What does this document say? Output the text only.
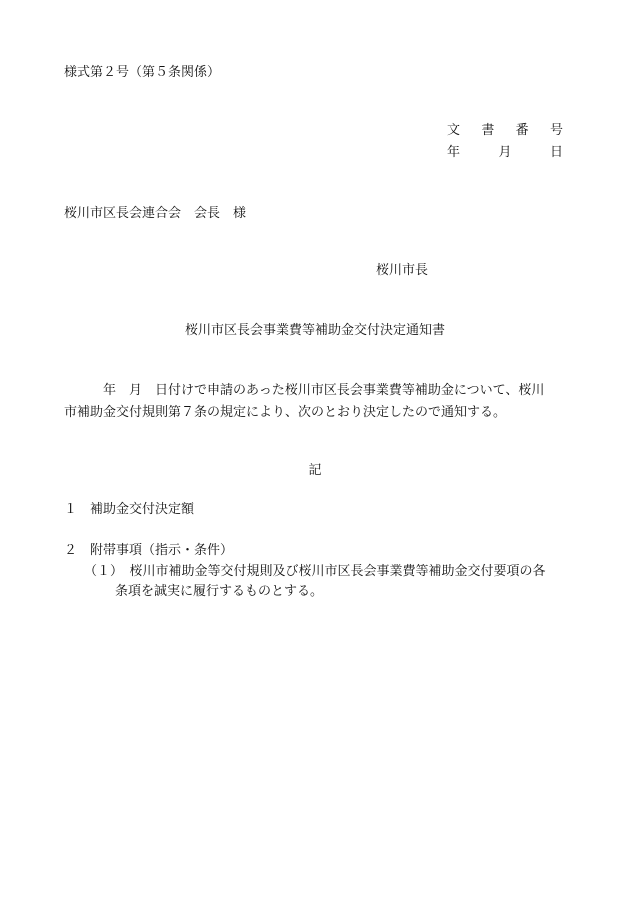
様式第２号（第５条関係）
文 書 番 号
年	月	日
桜川市区長会連合会　会長　様
桜川市長
桜川市区長会事業費等補助金交付決定通知書
　　　年　月　日付けで申請のあった桜川市区長会事業費等補助金について、桜川
市補助金交付規則第７条の規定により、次のとおり決定したので通知する。
記
１　補助金交付決定額
２　附帯事項（指示・条件）
（１）　桜川市補助金等交付規則及び桜川市区長会事業費等補助金交付要項の各
条項を誠実に履行するものとする。
